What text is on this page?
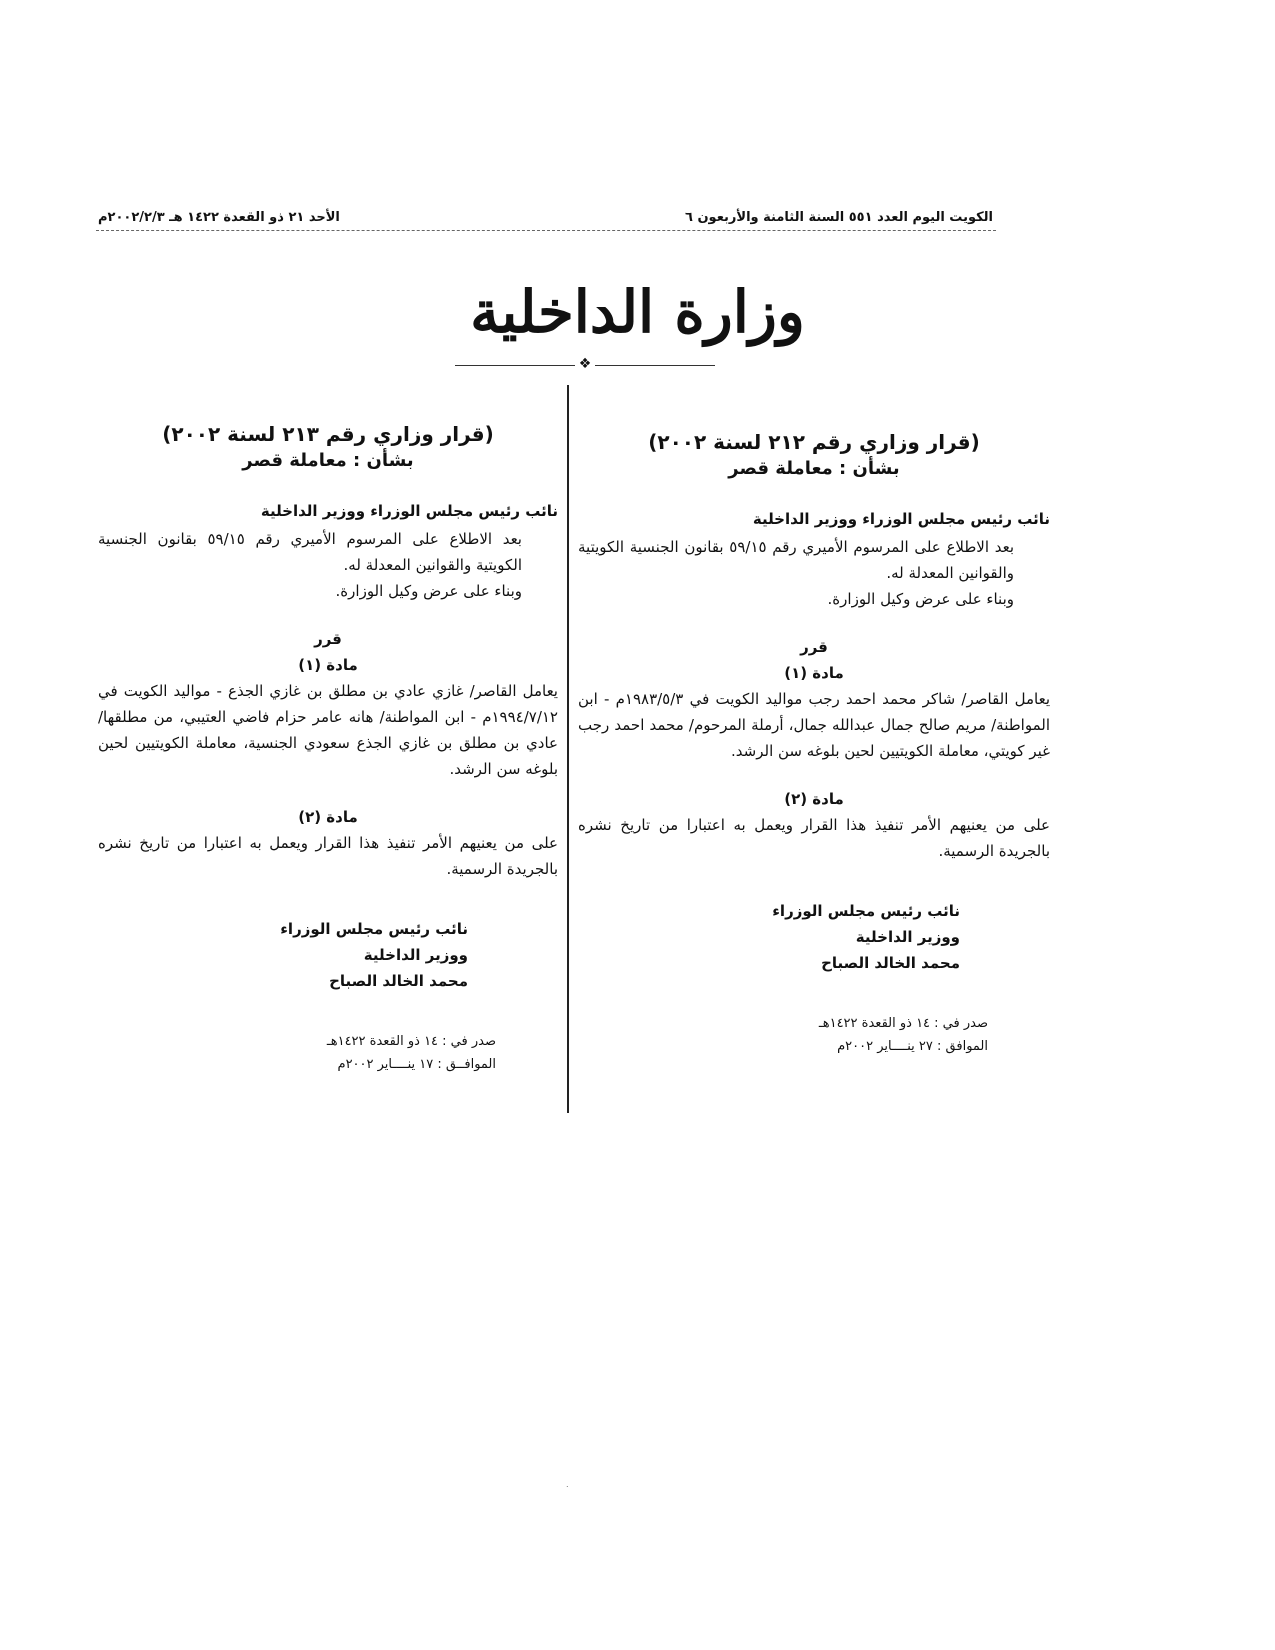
الكويت اليوم العدد ٥٥١ السنة الثامنة والأربعون ٦
الأحد ٢١ ذو القعدة ١٤٢٢ هـ ٢٠٠٢/٢/٣م
وزارة الداخلية
❖
(قرار وزاري رقم ٢١٢ لسنة ٢٠٠٢)
بشأن : معاملة قصر
نائب رئيس مجلس الوزراء ووزير الداخلية
بعد الاطلاع على المرسوم الأميري رقم ٥٩/١٥ بقانون الجنسية الكويتية والقوانين المعدلة له.
وبناء على عرض وكيل الوزارة.
قرر
مادة (١)
يعامل القاصر/ شاكر محمد احمد رجب مواليد الكويت في ١٩٨٣/٥/٣م - ابن المواطنة/ مريم صالح جمال عبدالله جمال، أرملة المرحوم/ محمد احمد رجب غير كويتي، معاملة الكويتيين لحين بلوغه سن الرشد.
مادة (٢)
على من يعنيهم الأمر تنفيذ هذا القرار ويعمل به اعتبارا من تاريخ نشره بالجريدة الرسمية.
نائب رئيس مجلس الوزراء
ووزير الداخلية
محمد الخالد الصباح
صدر في : ١٤ ذو القعدة ١٤٢٢هـ
الموافق : ٢٧ ينــــاير ٢٠٠٢م
(قرار وزاري رقم ٢١٣ لسنة ٢٠٠٢)
بشأن : معاملة قصر
نائب رئيس مجلس الوزراء ووزير الداخلية
بعد الاطلاع على المرسوم الأميري رقم ٥٩/١٥ بقانون الجنسية الكويتية والقوانين المعدلة له.
وبناء على عرض وكيل الوزارة.
قرر
مادة (١)
يعامل القاصر/ غازي عادي بن مطلق بن غازي الجذع - مواليد الكويت في ١٩٩٤/٧/١٢م - ابن المواطنة/ هانه عامر حزام فاضي العتيبي، من مطلقها/ عادي بن مطلق بن غازي الجذع سعودي الجنسية، معاملة الكويتيين لحين بلوغه سن الرشد.
مادة (٢)
على من يعنيهم الأمر تنفيذ هذا القرار ويعمل به اعتبارا من تاريخ نشره بالجريدة الرسمية.
نائب رئيس مجلس الوزراء
ووزير الداخلية
محمد الخالد الصباح
صدر في : ١٤ ذو القعدة ١٤٢٢هـ
الموافــق : ١٧ ينــــاير ٢٠٠٢م
.
